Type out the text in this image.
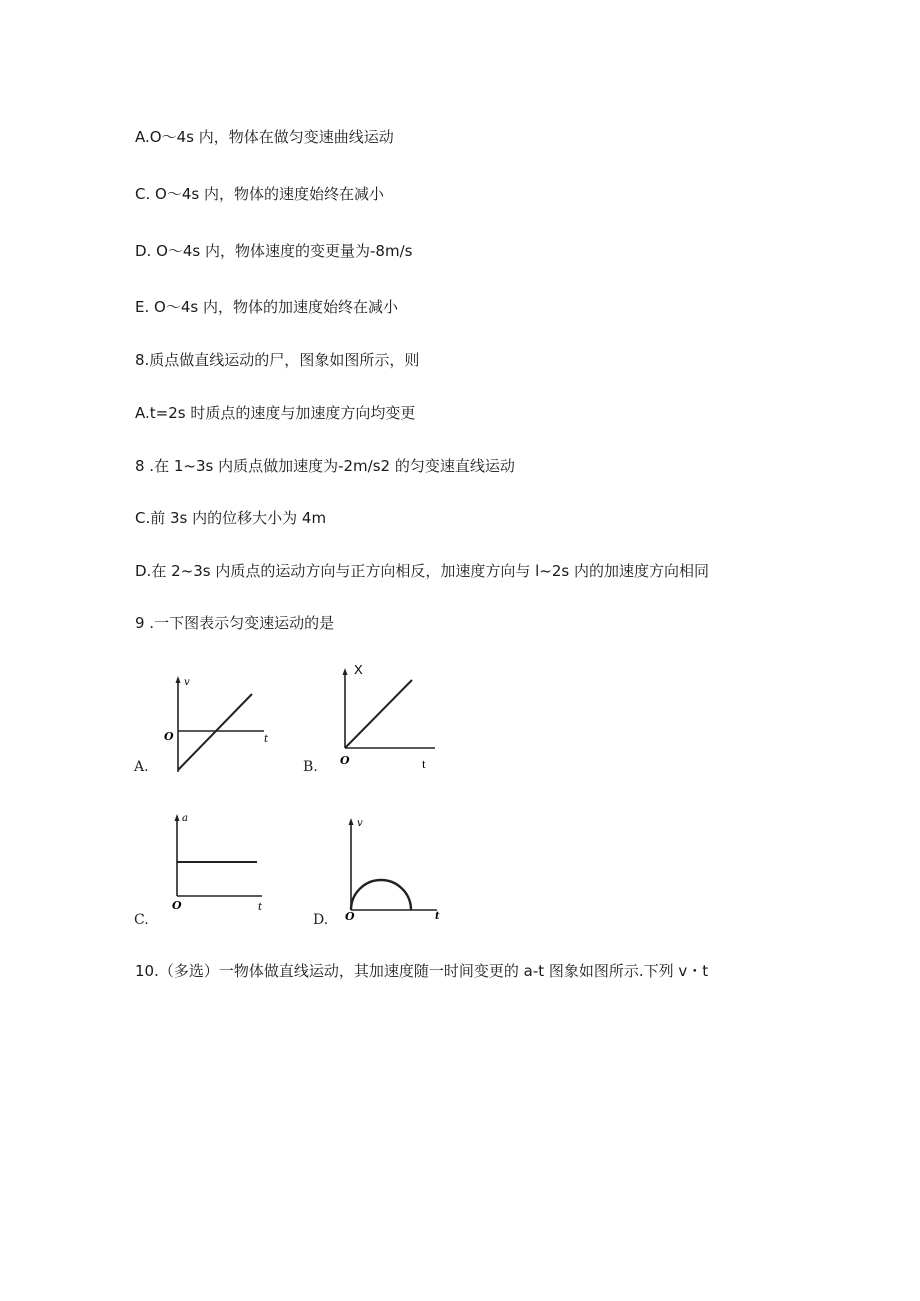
A.O～4s 内，物体在做匀变速曲线运动
C. O～4s 内，物体的速度始终在减小
D. O～4s 内，物体速度的变更量为-8m∕s
E. O～4s 内，物体的加速度始终在减小
8.质点做直线运动的尸，图象如图所示，则
A.t=2s 时质点的速度与加速度方向均变更
8 .在 1~3s 内质点做加速度为-2m∕s2 的匀变速直线运动
C.前 3s 内的位移大小为 4m
D.在 2~3s 内质点的运动方向与正方向相反，加速度方向与 l~2s 内的加速度方向相同
9 .一下图表示匀变速运动的是
10.（多选）一物体做直线运动，其加速度随一时间变更的 a-t 图象如图所示.下列 v・t
v
t
O
A.
X
t
O
B.
a
t
O
C.
v
t
O
D.
